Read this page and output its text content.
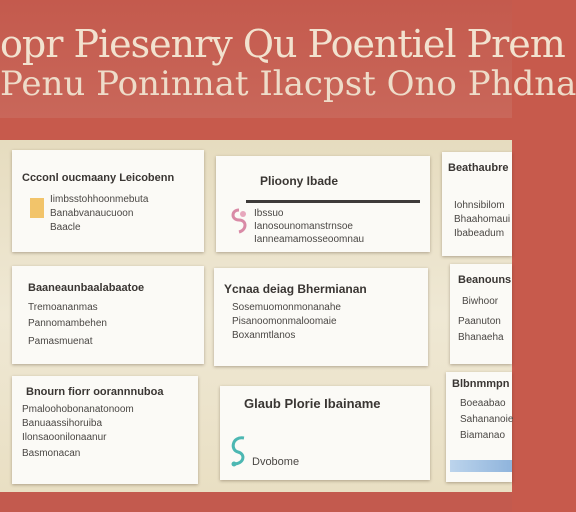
opr Piesenry Qu Poentiel Prem
Penu Poninnat Ilacpst Ono Phdna
Ccconl oucmaany Leicobenn
Iimbsstohhoonmebuta
Banabvanaucuoon
Baacle
Plioony Ibade
Ibssuo
Ianosounomanstrnsoe
Ianneamamosseoomnau
Beathaubre
Iohnsibilom
Bhaahomaui
Ibabeadum
Baaneaunbaalabaatoe
Tremoananmas
Pannomambehen
Pamasmuenat
Ycnaa deiag Bhermianan
Sosemuomonmonanahe
Pisanoomonmaloomaie
Boxanmtlanos
Beanouns
Biwhoor
Paanuton
Bhanaeha
Bnourn fiorr oorannnuboa
Pmaloohobonanatonoom
Banuaassihoruiba
Ilonsaoonilonaanur
Basmonacan
Glaub Plorie Ibainame
Dvobome
Blbnmmpn
Boeaabao
Sahananoie
Biamanao
